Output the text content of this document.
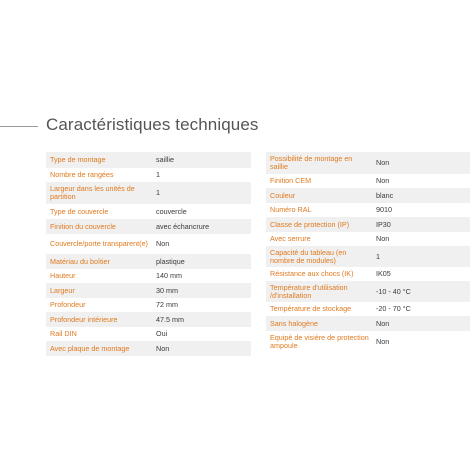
Caractéristiques techniques
Type de montage	saillie
Nombre de rangées	1
Largeur dans les unités de partition	1
Type de couvercle	couvercle
Finition du couvercle	avec échancrure
Couvercle/porte transparent(e)	Non
Matériau du boîtier	plastique
Hauteur	140 mm
Largeur	30 mm
Profondeur	72 mm
Profondeur intérieure	47.5 mm
Rail DIN	Oui
Avec plaque de montage	Non
Possibilité de montage en saillie	Non
Finition CEM	Non
Couleur	blanc
Numéro RAL	9010
Classe de protection (IP)	IP30
Avec serrure	Non
Capacité du tableau (en nombre de modules)	1
Résistance aux chocs (IK)	IK05
Température d'utilisation /d'installation	-10 - 40 °C
Température de stockage	-20 - 70 °C
Sans halogène	Non
Equipé de visière de protection ampoule	Non
